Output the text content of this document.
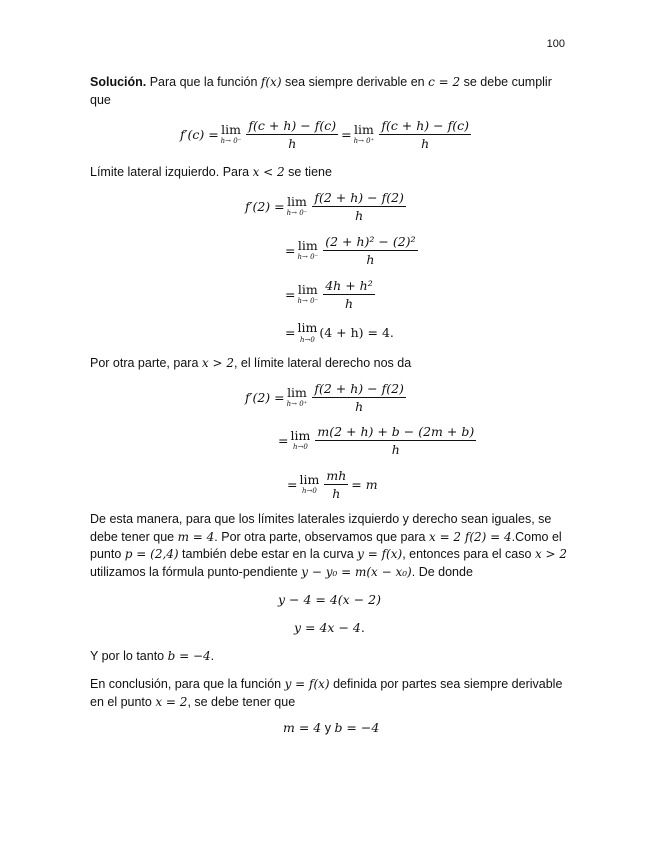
100
Solución. Para que la función f(x) sea siempre derivable en c = 2 se debe cumplir que
f′(c) = lim
$h\to 0^- \frac{f(c + h) - f(c)}{h} = \lim$
$h\to 0^+ \frac{f(c + h) - f(c)}{h}$
Límite lateral izquierdo. Para x < 2 se tiene
f′(2) = lim
$h\to 0^- \frac{f(2 + h) - f(2)}{h}$
= lim
$h\to 0^- \frac{\text{(2 + h)² − (2)²}}{h}$
= lim
$h\to 0^- \frac{\text{4h + h²}}{h}$
= lim
h→0 (4 + h) = 4.
Por otra parte, para x > 2, el límite lateral derecho nos da
f′(2) = lim
$h\to 0^+ \frac{f(2 + h) - f(2)}{h}$
= lim
$h\to 0 \frac{m(2 + h) + b - (2m + b)}{h}$
= lim
$h\to 0 \frac{mh}{h} = m$
De esta manera, para que los límites laterales izquierdo y derecho sean iguales, se debe tener que m = 4. Por otra parte, observamos que para x = 2 f(2) = 4.Como el punto p = (2,4) también debe estar en la curva y = f(x), entonces para el caso x > 2 utilizamos la fórmula punto-pendiente y − y₀ = m(x − x₀). De donde
y − 4 = 4(x − 2)
y = 4x − 4.
Y por lo tanto b = −4.
En conclusión, para que la función y = f(x) definida por partes sea siempre derivable en el punto x = 2, se debe tener que
m = 4 y b = −4
